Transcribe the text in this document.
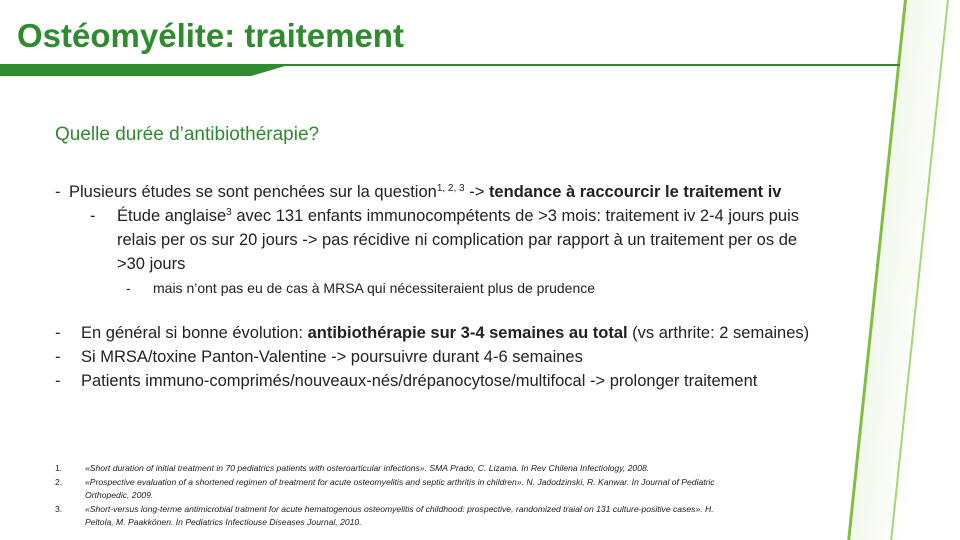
Ostéomyélite: traitement
Quelle durée d’antibiothérapie?
- Plusieurs études se sont penchées sur la question$^{1, 2, 3}$ -> tendance à raccourcir le traitement iv
- Étude anglaise$^3$ avec 131 enfants immunocompétents de >3 mois: traitement iv 2-4 jours puis
relais per os sur 20 jours -> pas récidive ni complication par rapport à un traitement per os de
>30 jours
- mais n’ont pas eu de cas à MRSA qui nécessiteraient plus de prudence
- En général si bonne évolution: antibiothérapie sur 3-4 semaines au total (vs arthrite: 2 semaines)
- Si MRSA/toxine Panton-Valentine -> poursuivre durant 4-6 semaines
- Patients immuno-comprimés/nouveaux-nés/drépanocytose/multifocal -> prolonger traitement
1.	«Short duration of initial treatment in 70 pediatrics patients with osteroarticular infections». SMA Prado, C. Lizama. In Rev Chilena Infectiology, 2008.
2.	«Prospective evaluation of a shortened regimen of treatment for acute osteomyelitis and septic arthritis in children». N. Jadodzinski, R. Kanwar. In Journal of Pediatric
Orthopedic, 2009.
3.	«Short-versus long-terme antimicrobial tratment for acute hematogenous osteomyelitis of childhood: prospective, randomized traial on 131 culture-positive cases». H.
Peltola, M. Paakkönen. In Pediatrics Infectiouse Diseases Journal, 2010.
